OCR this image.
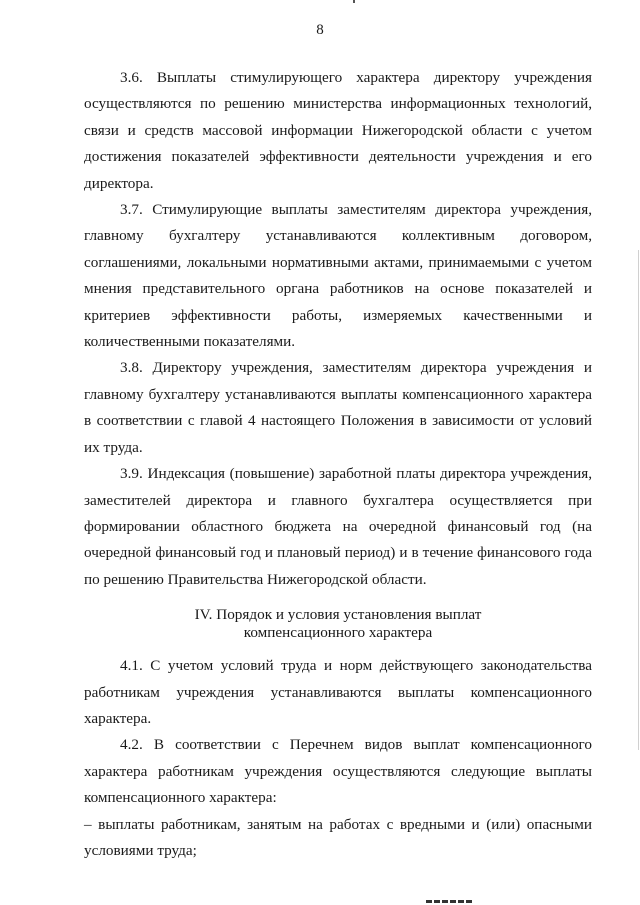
8

3.6. Выплаты стимулирующего характера директору учреждения осуществляются по решению министерства информационных технологий, связи и средств массовой информации Нижегородской области с учетом достижения показателей эффективности деятельности учреждения и его директора.

3.7. Стимулирующие выплаты заместителям директора учреждения, главному бухгалтеру устанавливаются коллективным договором, соглашениями, локальными нормативными актами, принимаемыми с учетом мнения представительного органа работников на основе показателей и критериев эффективности работы, измеряемых качественными и количественными показателями.

3.8. Директору учреждения, заместителям директора учреждения и главному бухгалтеру устанавливаются выплаты компенсационного характера в соответствии с главой 4 настоящего Положения в зависимости от условий их труда.

3.9. Индексация (повышение) заработной платы директора учреждения, заместителей директора и главного бухгалтера осуществляется при формировании областного бюджета на очередной финансовый год (на очередной финансовый год и плановый период) и в течение финансового года по решению Правительства Нижегородской области.

IV. Порядок и условия установления выплат
компенсационного характера

4.1. С учетом условий труда и норм действующего законодательства работникам учреждения устанавливаются выплаты компенсационного характера.

4.2. В соответствии с Перечнем видов выплат компенсационного характера работникам учреждения осуществляются следующие выплаты компенсационного характера:

– выплаты работникам, занятым на работах с вредными и (или) опасными условиями труда;
